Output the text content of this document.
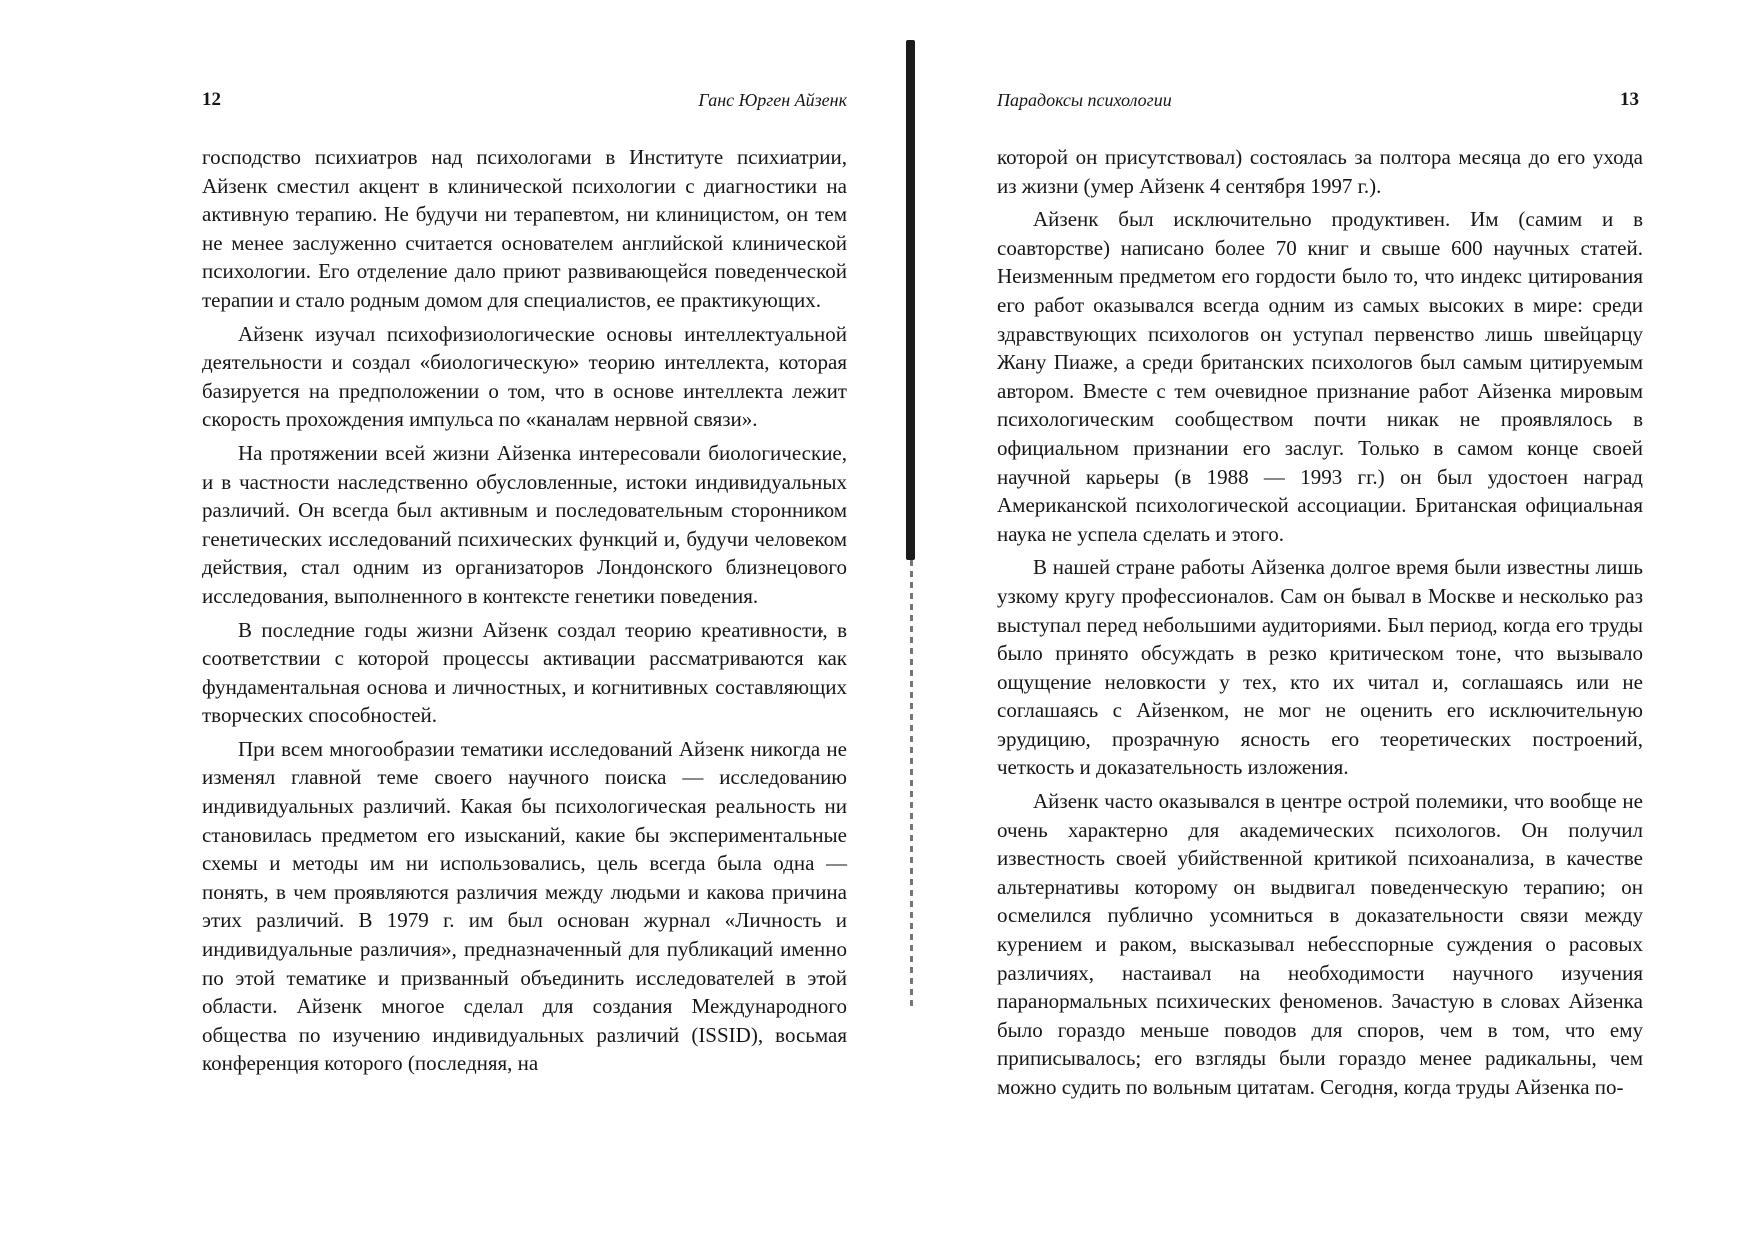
12	Ганс Юрген Айзенк

господство психиатров над психологами в Институте психиатрии, Айзенк сместил акцент в клинической психологии с диагностики на активную терапию. Не будучи ни терапевтом, ни клиницистом, он тем не менее заслуженно считается основателем английской клинической психологии. Его отделение дало приют развивающейся поведенческой терапии и стало родным домом для специалистов, ее практикующих.

Айзенк изучал психофизиологические основы интеллектуальной деятельности и создал «биологическую» теорию интеллекта, которая базируется на предположении о том, что в основе интеллекта лежит скорость прохождения импульса по «каналам нервной связи».

На протяжении всей жизни Айзенка интересовали биологические, и в частности наследственно обусловленные, истоки индивидуальных различий. Он всегда был активным и последовательным сторонником генетических исследований психических функций и, будучи человеком действия, стал одним из организаторов Лондонского близнецового исследования, выполненного в контексте генетики поведения.

В последние годы жизни Айзенк создал теорию креативности, в соответствии с которой процессы активации рассматриваются как фундаментальная основа и личностных, и когнитивных составляющих творческих способностей.

При всем многообразии тематики исследований Айзенк никогда не изменял главной теме своего научного поиска — исследованию индивидуальных различий. Какая бы психологическая реальность ни становилась предметом его изысканий, какие бы экспериментальные схемы и методы им ни использовались, цель всегда была одна — понять, в чем проявляются различия между людьми и какова причина этих различий. В 1979 г. им был основан журнал «Личность и индивидуальные различия», предназначенный для публикаций именно по этой тематике и призванный объединить исследователей в этой области. Айзенк многое сделал для создания Международного общества по изучению индивидуальных различий (ISSID), восьмая конференция которого (последняя, на

Парадоксы психологии	13

которой он присутствовал) состоялась за полтора месяца до его ухода из жизни (умер Айзенк 4 сентября 1997 г.).

Айзенк был исключительно продуктивен. Им (самим и в соавторстве) написано более 70 книг и свыше 600 научных статей. Неизменным предметом его гордости было то, что индекс цитирования его работ оказывался всегда одним из самых высоких в мире: среди здравствующих психологов он уступал первенство лишь швейцарцу Жану Пиаже, а среди британских психологов был самым цитируемым автором. Вместе с тем очевидное признание работ Айзенка мировым психологическим сообществом почти никак не проявлялось в официальном признании его заслуг. Только в самом конце своей научной карьеры (в 1988 — 1993 гг.) он был удостоен наград Американской психологической ассоциации. Британская официальная наука не успела сделать и этого.

В нашей стране работы Айзенка долгое время были известны лишь узкому кругу профессионалов. Сам он бывал в Москве и несколько раз выступал перед небольшими аудиториями. Был период, когда его труды было принято обсуждать в резко критическом тоне, что вызывало ощущение неловкости у тех, кто их читал и, соглашаясь или не соглашаясь с Айзенком, не мог не оценить его исключительную эрудицию, прозрачную ясность его теоретических построений, четкость и доказательность изложения.

Айзенк часто оказывался в центре острой полемики, что вообще не очень характерно для академических психологов. Он получил известность своей убийственной критикой психоанализа, в качестве альтернативы которому он выдвигал поведенческую терапию; он осмелился публично усомниться в доказательности связи между курением и раком, высказывал небесспорные суждения о расовых различиях, настаивал на необходимости научного изучения паранормальных психических феноменов. Зачастую в словах Айзенка было гораздо меньше поводов для споров, чем в том, что ему приписывалось; его взгляды были гораздо менее радикальны, чем можно судить по вольным цитатам. Сегодня, когда труды Айзенка по-
